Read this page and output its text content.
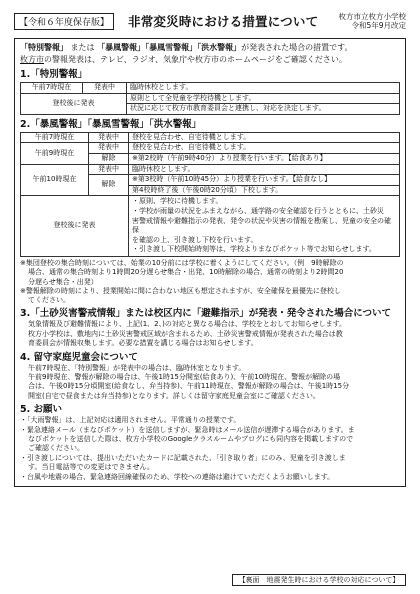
【令和６年度保存版】	非常変災時における措置について	枚方市立枚方小学校
令和5年9月改定
「特別警報」 または 「暴風警報」「暴風雪警報」「洪水警報」が発表された場合の措置です。
枚方市の警報発表は、テレビ、ラジオ、気象庁や枚方市のホームページをご確認ください。
1.「特別警報」
午前7時現在	発表中	臨時休校とします。
登校後に発表		原則として全児童を学校待機とします。
		状況に応じて枚方市教育委員会と連携し、対応を決定します。
2.「暴風警報」「暴風雪警報」「洪水警報」
午前7時現在	発表中	登校を見合わせ、自宅待機とします。
午前9時現在	発表中	登校を見合わせ、自宅待機とします。
	解除	※第2校時（午前9時40分）より授業を行います。【給食あり】
午前10時現在	発表中	臨時休校とします。
	解除	※第3校時（午前10時45分）より授業を行います。【給食なし】
		第4校時終了後（午後0時20分頃）下校します。
登校後に発表		・原則、学校に待機します。
・学校が雨量の状況をふまえながら、通学路の安全確認を行うとともに、土砂災
害警戒情報や避難指示の発表、発令の状況や災害の情報を勘案し、児童の安全の確保
を確認の上、引き渡し下校を行います。
・引き渡し下校開始時刻等は、学校よりまなびポケット等でお知らせします。
※集団登校の集合時刻については、始業の10分前には学校に着くようにしてください。（例　9時解除の
場合、通常の集合時刻より1時間20分遅らせ集合・出発、10時解除の場合、通常の時刻より2時間20
分遅らせ集合・出発）
※警報解除の時刻により、授業開始に間に合わない地区も想定されますが、安全確保を最優先に登校し
てください。
3.「土砂災害警戒情報」または校区内に「避難指示」が発表・発令された場合について

気象情報及び避難情報により、上記(1、2、)の対応と異なる場合は、学校をとおしてお知らせします。

枚方小学校は、敷地内に土砂災害警戒区域が含まれるため、土砂災害警戒情報が発表された場合は教

育委員会が情報収集します。必要な措置を講じる場合はお知らせします。

4. 留守家庭児童会について

午前7時現在、「特別警報」が発表中の場合は、臨時休室となります。

午前9時現在、警報が解除の場合は、午後1時15分開室(給食あり)、午前10時現在、警報が解除の場

合は、午後0時15分頃開室(給食なし、弁当持参)、午前11時現在、警報が解除の場合は、午後1時15分

開室(自宅で昼食または弁当持参)となります。詳しくは留守家庭児童会室にご確認ください。

5. お願い

・「大雨警報」は、上記対応は適用されません。平常通りの授業です。

・緊急連絡メール（まなびポケット）を送信しますが、緊急時はメール送信が遅滞する場合があります。ま

なびポケットを送信した際は、枚方小学校のGoogleクラスルームやブログにも同内容を掲載しますので

ご確認ください。

・引き渡しについては、提出いただいたカードに記載された、「引き取り者」にのみ、児童を引き渡しま

す。当日電話等での変更はできません。

・台風や地震の場合、緊急連絡回線確保のため、学校への連絡は避けていただくようお願いします。

【裏面　地震発生時における学校の対応について】
